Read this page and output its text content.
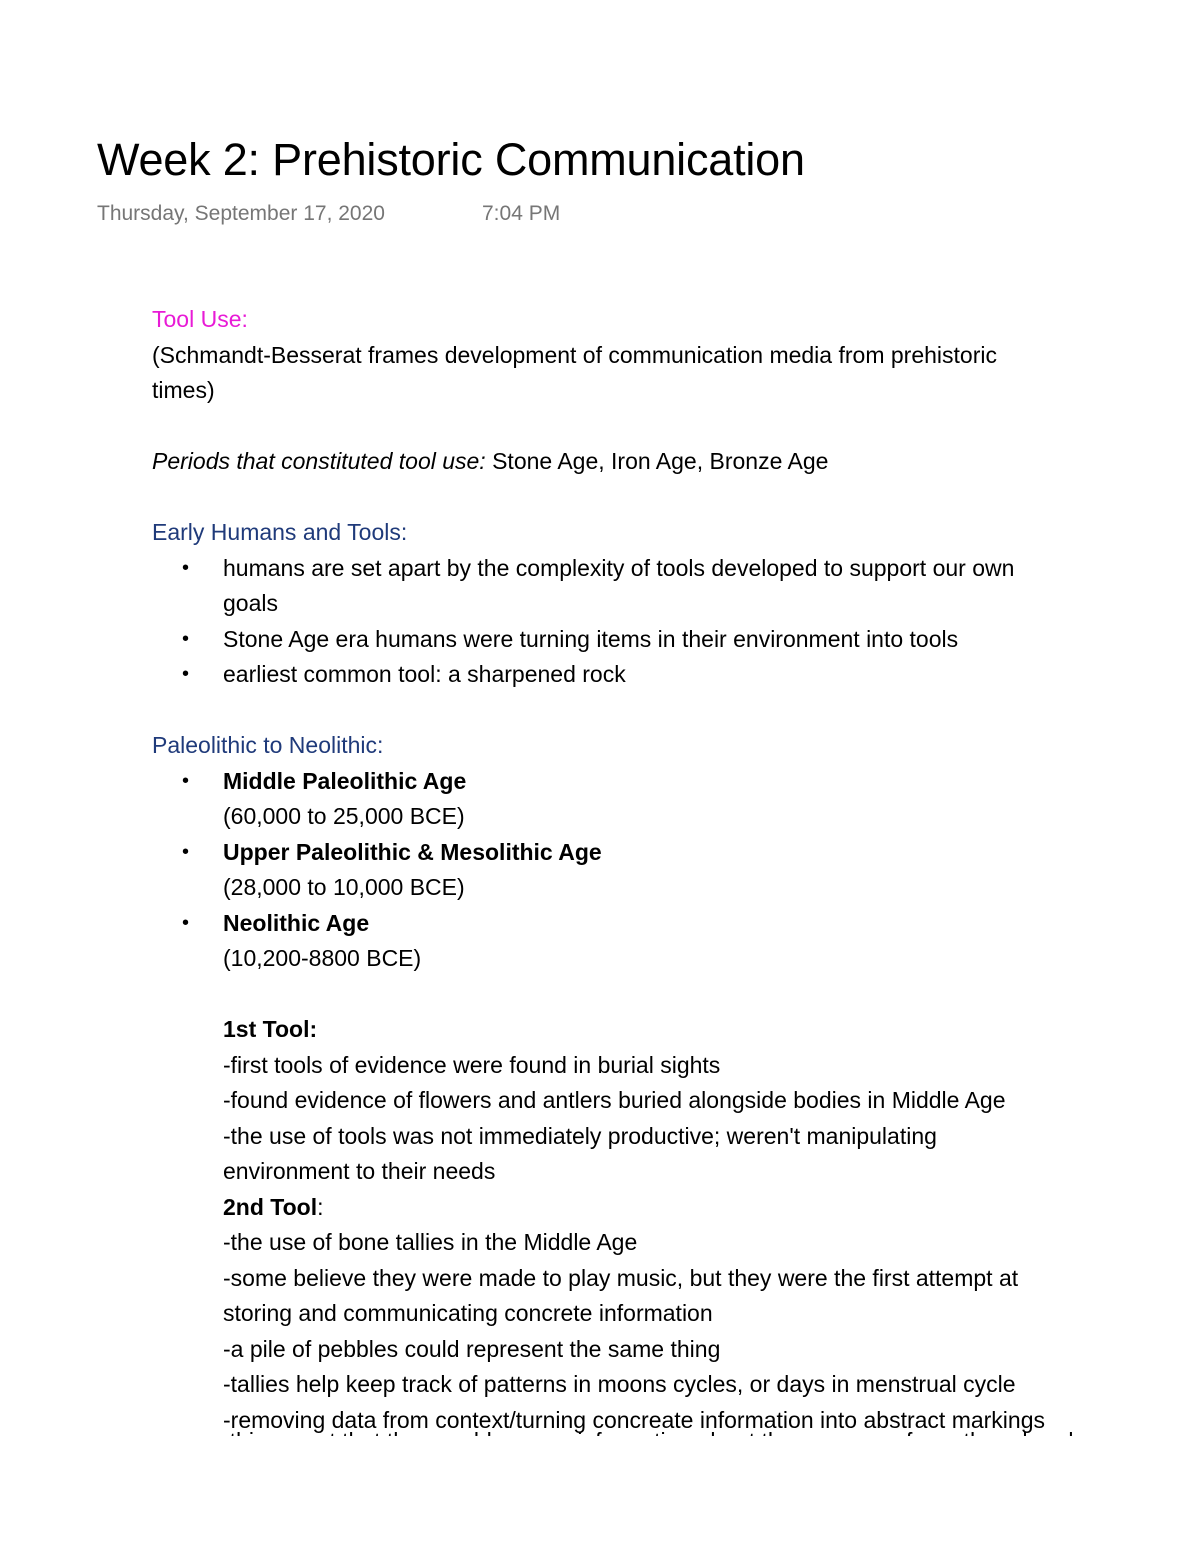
Week 2: Prehistoric Communication
Thursday, September 17, 2020	7:04 PM
Tool Use:
(Schmandt-Besserat frames development of communication media from prehistoric
times)
Periods that constituted tool use: Stone Age, Iron Age, Bronze Age
Early Humans and Tools:
• humans are set apart by the complexity of tools developed to support our own
goals
• Stone Age era humans were turning items in their environment into tools
• earliest common tool: a sharpened rock
Paleolithic to Neolithic:
• Middle Paleolithic Age
(60,000 to 25,000 BCE)
• Upper Paleolithic & Mesolithic Age
(28,000 to 10,000 BCE)
• Neolithic Age
(10,200-8800 BCE)
1st Tool:
-first tools of evidence were found in burial sights
-found evidence of flowers and antlers buried alongside bodies in Middle Age
-the use of tools was not immediately productive; weren't manipulating
environment to their needs
2nd Tool:
-the use of bone tallies in the Middle Age
-some believe they were made to play music, but they were the first attempt at
storing and communicating concrete information
-a pile of pebbles could represent the same thing
-tallies help keep track of patterns in moons cycles, or days in menstrual cycle
-removing data from context/turning concreate information into abstract markings
